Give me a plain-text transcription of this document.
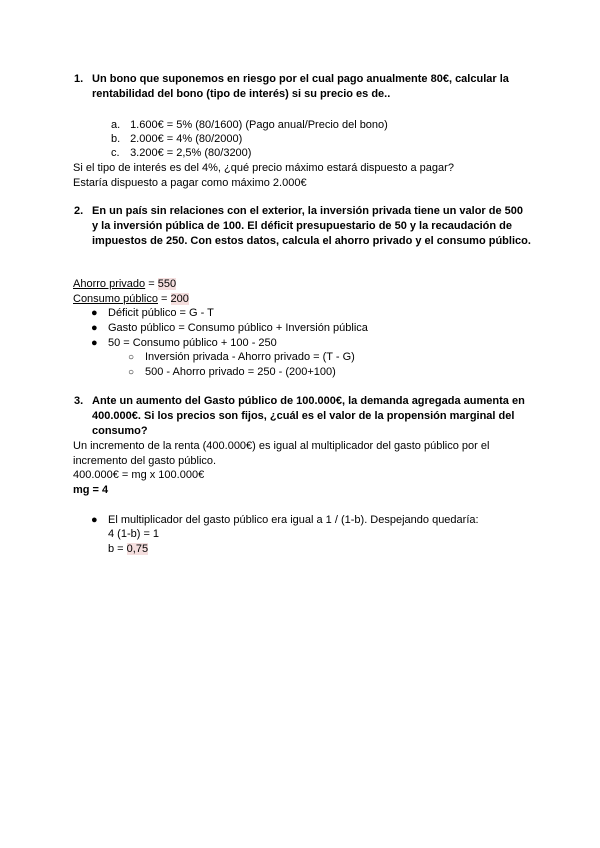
1. Un bono que suponemos en riesgo por el cual pago anualmente 80€, calcular la rentabilidad del bono (tipo de interés) si su precio es de..
a. 1.600€ = 5% (80/1600) (Pago anual/Precio del bono)
b. 2.000€ = 4% (80/2000)
c. 3.200€ = 2,5% (80/3200)
Si el tipo de interés es del 4%, ¿qué precio máximo estará dispuesto a pagar?
Estaría dispuesto a pagar como máximo 2.000€
2. En un país sin relaciones con el exterior, la inversión privada tiene un valor de 500 y la inversión pública de 100. El déficit presupuestario de 50 y la recaudación de impuestos de 250. Con estos datos, calcula el ahorro privado y el consumo público.
Ahorro privado = 550
Consumo público = 200
● Déficit público = G - T
● Gasto público = Consumo público + Inversión pública
● 50 = Consumo público + 100 - 250
○ Inversión privada - Ahorro privado = (T - G)
○ 500 - Ahorro privado = 250 - (200+100)
3. Ante un aumento del Gasto público de 100.000€, la demanda agregada aumenta en 400.000€. Si los precios son fijos, ¿cuál es el valor de la propensión marginal del consumo?
Un incremento de la renta (400.000€) es igual al multiplicador del gasto público por el
incremento del gasto público.
400.000€ = mg x 100.000€
mg = 4
● El multiplicador del gasto público era igual a 1 / (1-b). Despejando quedaría:
4 (1-b) = 1
b = 0,75
